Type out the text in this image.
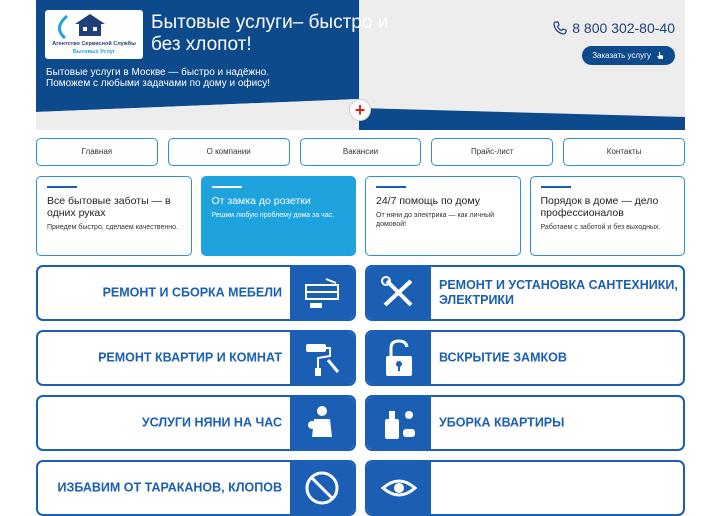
Агентство Сервисной Службы
Бытовых Услуг
Бытовые услуги– быстро и без хлопот!
Бытовые услуги в Москве — быстро и надёжно.
Поможем с любыми задачами по дому и офису!
8 800 302-80-40
Заказать услугу
+
Главная	О компании	Вакансии	Прайс-лист	Контакты
Все бытовые заботы — в одних руках
Приедем быстро, сделаем качественно.
От замка до розетки
Решим любую проблему дома за час.
24/7 помощь по дому
От няни до электрика — как личный домовой!
Порядок в доме — дело профессионалов
Работаем с заботой и без выходных.
РЕМОНТ И СБОРКА МЕБЕЛИ
РЕМОНТ И УСТАНОВКА САНТЕХНИКИ, ЭЛЕКТРИКИ
РЕМОНТ КВАРТИР И КОМНАТ	ВСКРЫТИЕ ЗАМКОВ
УСЛУГИ НЯНИ НА ЧАС	УБОРКА КВАРТИРЫ
ИЗБАВИМ ОТ ТАРАКАНОВ, КЛОПОВ
